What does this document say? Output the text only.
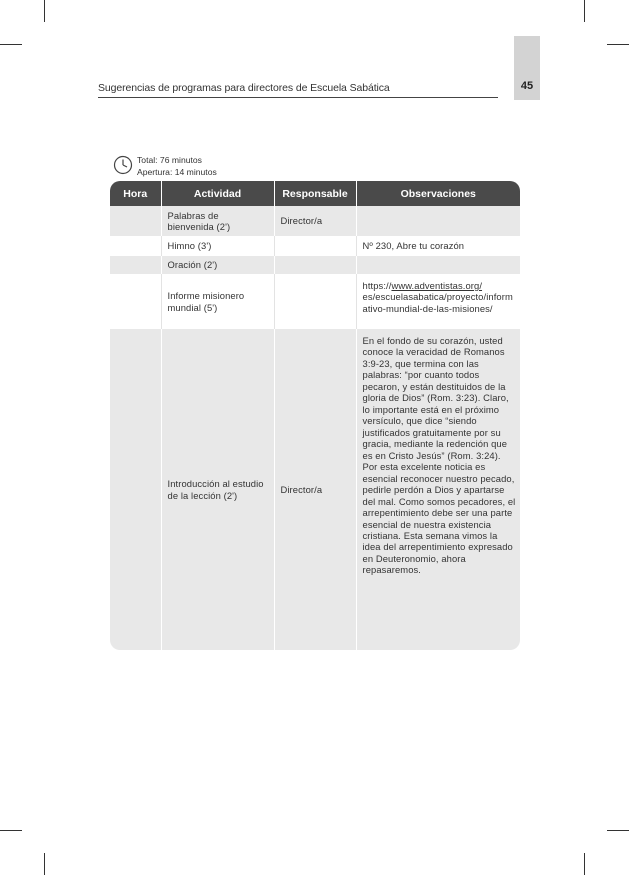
Sugerencias de programas para directores de Escuela Sabática	45
Total: 76 minutos
Apertura: 14 minutos
Hora	Actividad	Responsable	Observaciones
	Palabras de bienvenida (2')	Director/a	
	Himno (3')		Nº 230, Abre tu corazón
	Oración (2')		
	Informe misionero mundial (5')		https://www.adventistas.org/
es/escuelasabatica/proyecto/informativo-mundial-de-las-misiones/
	Introducción al estudio de la lección (2')	Director/a	En el fondo de su corazón, usted conoce la veracidad de Romanos 3:9-23, que termina con las palabras: “por cuanto todos pecaron, y están destituidos de la gloria de Dios” (Rom. 3:23). Claro, lo importante está en el próximo versículo, que dice “siendo justificados gratuitamente por su gracia, mediante la redención que es en Cristo Jesús” (Rom. 3:24). Por esta excelente noticia es esencial reconocer nuestro pecado, pedirle perdón a Dios y apartarse del mal. Como somos pecadores, el arrepentimiento debe ser una parte esencial de nuestra existencia cristiana. Esta semana vimos la idea del arrepentimiento expresado en Deuteronomio, ahora repasaremos.
